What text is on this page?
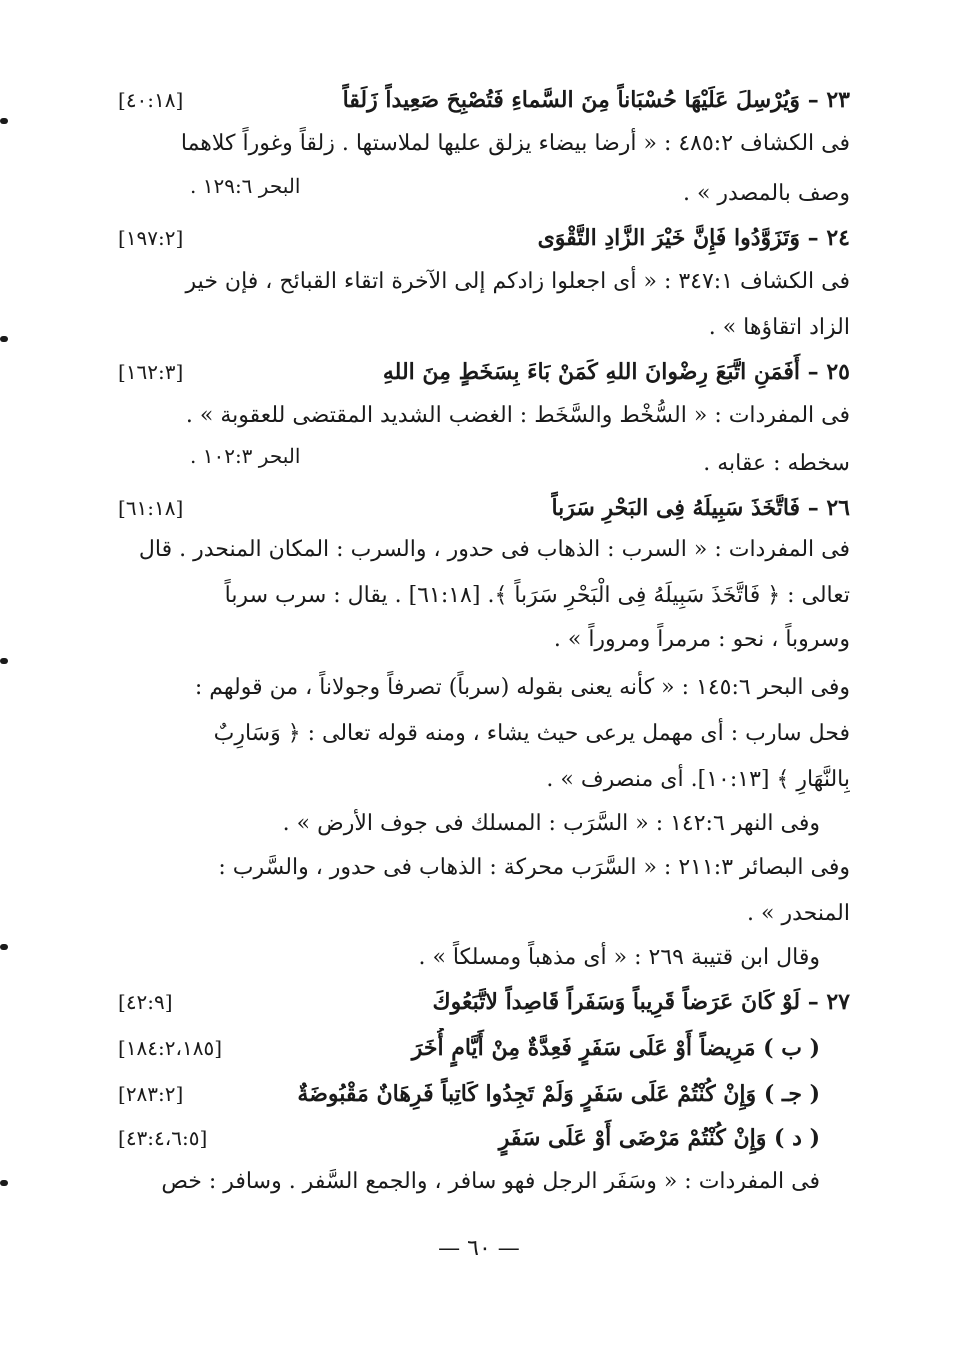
٢٣ – وَيُرْسِلَ عَلَيْهَا حُسْبَاناً مِنَ السَّماءِ فَتُصْبِحَ صَعِيداً زَلَقاً
[٤٠:١٨]
فى الكشاف ٤٨٥:٢ : « أرضا بيضاء يزلق عليها لملاستها . زلقاً وغوراً كلاهما
وصف بالمصدر » .
البحر ١٢٩:٦ .
٢٤ – وَتَزَوَّدُوا فَإِنَّ خَيْرَ الزَّادِ التَّقْوَى
[١٩٧:٢]
فى الكشاف ٣٤٧:١ : « أى اجعلوا زادكم إلى الآخرة اتقاء القبائح ، فإن خير
الزاد اتقاؤها » .
٢٥ – أَفَمَنِ اتَّبَعَ رِضْوانَ اللهِ كَمَنْ بَاءَ بِسَخَطٍ مِنَ اللهِ
[١٦٢:٣]
فى المفردات : « السُّخْط والسَّخَط : الغضب الشديد المقتضى للعقوبة » .
سخطه : عقابه .
البحر ١٠٢:٣ .
٢٦ – فَاتَّخَذَ سَبِيلَهُ فِى البَحْرِ سَرَباً
[٦١:١٨]
فى المفردات : « السرب : الذهاب فى حدور ، والسرب : المكان المنحدر . قال
تعالى : ﴿ فَاتَّخَذَ سَبِيلَهُ فِى الْبَحْرِ سَرَباً ﴾. [٦١:١٨] . يقال : سرب سرباً
وسروباً ، نحو : مرمراً ومروراً » .
وفى البحر ١٤٥:٦ : « كأنه يعنى بقوله (سرباً) تصرفاً وجولاناً ، من قولهم :
فحل سارب : أى مهمل يرعى حيث يشاء ، ومنه قوله تعالى : ﴿ وَسَارِبٌ
بِالنَّهَارِ ﴾ [١٠:١٣]. أى منصرف » .
وفى النهر ١٤٢:٦ : « السَّرَب : المسلك فى جوف الأرض » .
وفى البصائر ٢١١:٣ : « السَّرَب محركة : الذهاب فى حدور ، والسَّرب :
المنحدر » .
وقال ابن قتيبة ٢٦٩ : « أى مذهباً ومسلكاً » .
٢٧ – لَوْ كَانَ عَرَضاً قَرِيباً وَسَفَراً قَاصِداً لاتَّبَعُوكَ
[٤٢:٩]
( ب ) مَرِيضاً أَوْ عَلَى سَفَرٍ فَعِدَّةٌ مِنْ أَيَّامٍ أُخَرَ
[١٨٤:٢،١٨٥]
( جـ ) وَإِنْ كُنْتُمْ عَلَى سَفَرٍ وَلَمْ تَجِدُوا كَاتِباً فَرِهَانٌ مَقْبُوضَةٌ
[٢٨٣:٢]
( د ) وَإِنْ كُنْتُمْ مَرْضَى أَوْ عَلَى سَفَرٍ
[٤٣:٤،٦:٥]
فى المفردات : « وسَفَر الرجل فهو سافر ، والجمع السَّفر . وسافر : خص
— ٦٠ —
